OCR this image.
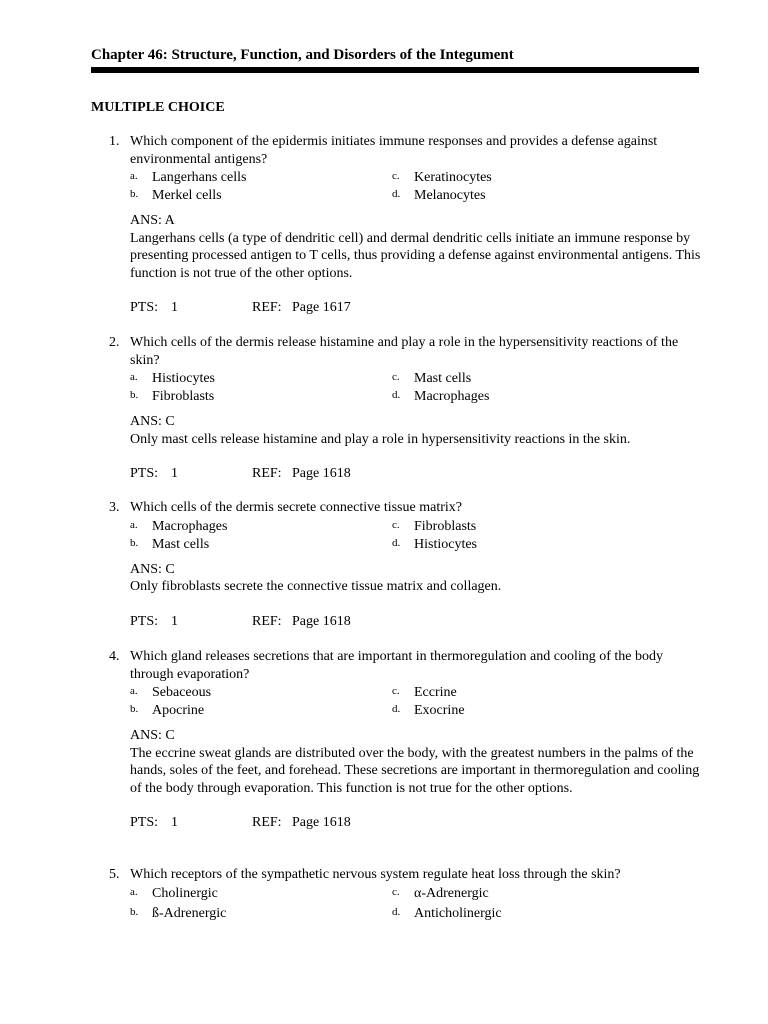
Chapter 46: Structure, Function, and Disorders of the Integument
MULTIPLE CHOICE
1. Which component of the epidermis initiates immune responses and provides a defense against environmental antigens?
a. Langerhans cells
b. Merkel cells
c. Keratinocytes
d. Melanocytes
ANS: A
Langerhans cells (a type of dendritic cell) and dermal dendritic cells initiate an immune response by presenting processed antigen to T cells, thus providing a defense against environmental antigens. This function is not true of the other options.
PTS: 1	REF: Page 1617
2. Which cells of the dermis release histamine and play a role in the hypersensitivity reactions of the skin?
a. Histiocytes
b. Fibroblasts
c. Mast cells
d. Macrophages
ANS: C
Only mast cells release histamine and play a role in hypersensitivity reactions in the skin.
PTS: 1	REF: Page 1618
3. Which cells of the dermis secrete connective tissue matrix?
a. Macrophages
b. Mast cells
c. Fibroblasts
d. Histiocytes
ANS: C
Only fibroblasts secrete the connective tissue matrix and collagen.
PTS: 1	REF: Page 1618
4. Which gland releases secretions that are important in thermoregulation and cooling of the body through evaporation?
a. Sebaceous
b. Apocrine
c. Eccrine
d. Exocrine
ANS: C
The eccrine sweat glands are distributed over the body, with the greatest numbers in the palms of the hands, soles of the feet, and forehead. These secretions are important in thermoregulation and cooling of the body through evaporation. This function is not true for the other options.
PTS: 1	REF: Page 1618
5. Which receptors of the sympathetic nervous system regulate heat loss through the skin?
a. Cholinergic
b. ß-Adrenergic
c. α-Adrenergic
d. Anticholinergic
